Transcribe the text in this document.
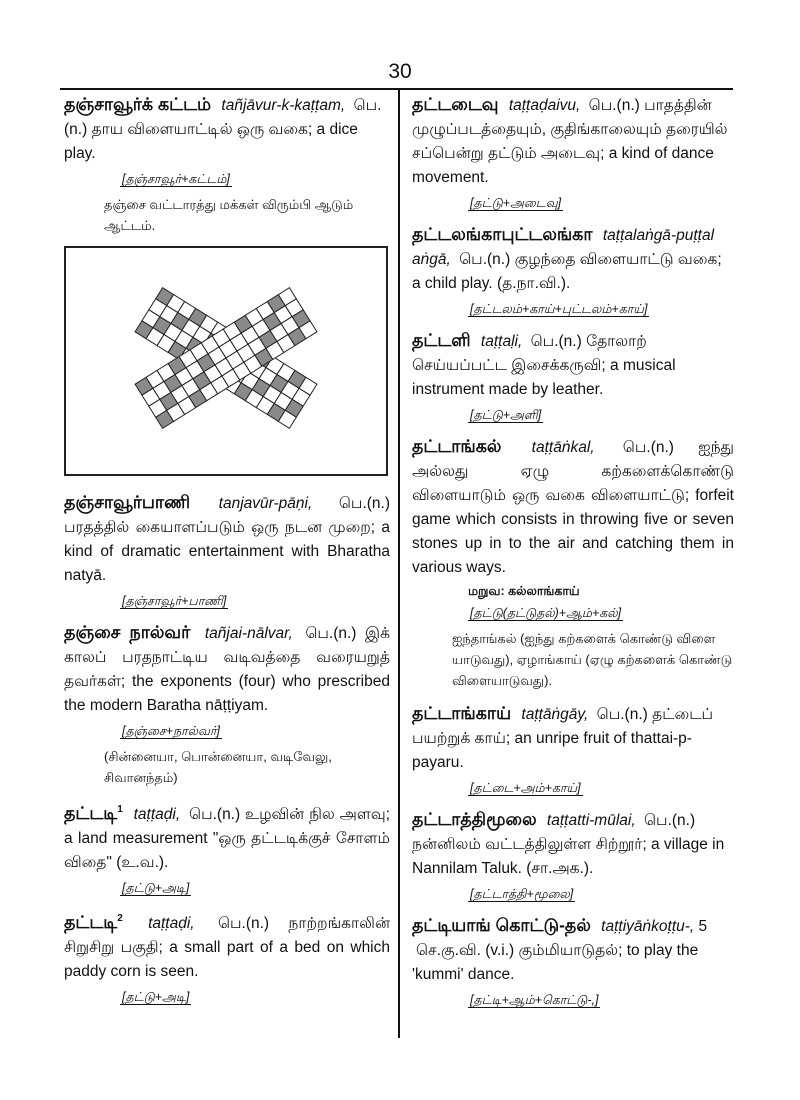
30

தஞ்சாவூர்க் கட்டம் tañjāvur-k-kaṭṭam, பெ.(n.) தாய விளையாட்டில் ஒரு வகை; a dice play.

[தஞ்சாவூர்+கட்டம்]
தஞ்சை வட்டாரத்து மக்கள் விரும்பி ஆடும் ஆட்டம்.

தஞ்சாவூர்பாணி tanjavūr-pāṇi, பெ.(n.) பரதத்தில் கையாளப்படும் ஒரு நடன முறை; a kind of dramatic entertainment with Bharatha natyā.

[தஞ்சாவூர்+பாணி]

தஞ்சை நால்வர் tañjai-nālvar, பெ.(n.) இக் காலப் பரதநாட்டிய வடிவத்தை வரையறுத் தவர்கள்; the exponents (four) who prescribed the modern Baratha nāṭṭiyam.

[தஞ்சை+நால்வர்]
(சின்னையா, பொன்னையா, வடிவேலு, சிவானந்தம்)

தட்டடி$^1$ taṭṭaḍi, பெ.(n.) உழவின் நில அளவு; a land measurement "ஒரு தட்டடிக்குச் சோளம் விதை" (உ.வ.).

[தட்டு+அடி]

தட்டடி$^2$ taṭṭaḍi, பெ.(n.) நாற்றங்காலின் சிறுசிறு பகுதி; a small part of a bed on which paddy corn is seen.

[தட்டு+அடி]

தட்டடைவு taṭṭaḍaivu, பெ.(n.) பாதத்தின் முழுப்படத்தையும், குதிங்காலையும் தரையில் சப்பென்று தட்டும் அடைவு; a kind of dance movement.

[தட்டு+அடைவு]

தட்டலங்காபுட்டலங்கா taṭṭalaṅgā-puṭṭal aṅgā, பெ.(n.) குழந்தை விளையாட்டு வகை; a child play. (த.நா.வி.).

[தட்டலம்+காய்+புட்டலம்+காய்]

தட்டளி taṭṭaḷi, பெ.(n.) தோலாற் செய்யப்பட்ட இசைக்கருவி; a musical instrument made by leather.

[தட்டு+அளி]

தட்டாங்கல் taṭṭāṅkal, பெ.(n.) ஐந்து அல்லது ஏழு கற்களைக்கொண்டு விளையாடும் ஒரு வகை விளையாட்டு; forfeit game which consists in throwing five or seven stones up in to the air and catching them in various ways.

மறுவ: கல்லாங்காய்
[தட்டு(தட்டுதல்)+ஆம்+கல்]
ஐந்தாங்கல் (ஐந்து கற்களைக் கொண்டு விளை யாடுவது), ஏழாங்காய் (ஏழு கற்களைக் கொண்டு விளையாடுவது).

தட்டாங்காய் taṭṭāṅgāy, பெ.(n.) தட்டைப் பயற்றுக் காய்; an unripe fruit of thattai-p-payaru.

[தட்டை+அம்+காய்]

தட்டாத்திமூலை taṭṭatti-mūlai, பெ.(n.) நன்னிலம் வட்டத்திலுள்ள சிற்றூர்; a village in Nannilam Taluk. (சா.அக.).

[தட்டாத்தி+மூலை]

தட்டியாங் கொட்டு-தல் taṭṭiyāṅkoṭṭu-, 5 செ.கு.வி. (v.i.) கும்மியாடுதல்; to play the 'kummi' dance.

[தட்டி+ஆம்+கொட்டு-,]
